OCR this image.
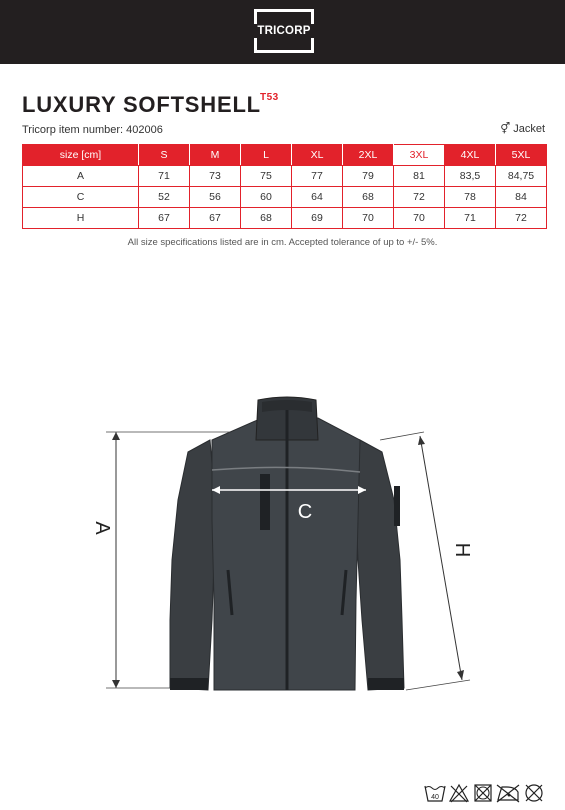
TRICORP
LUXURY SOFTSHELL T53
Tricorp item number: 402006	⚥ Jacket
size [cm]	S	M	L	XL	2XL	3XL	4XL	5XL
A	71	73	75	77	79	81	83,5	84,75
C	52	56	60	64	68	72	78	84
H	67	67	68	69	70	70	71	72
All size specifications listed are in cm. Accepted tolerance of up to +/- 5%.
A
C
H
40
